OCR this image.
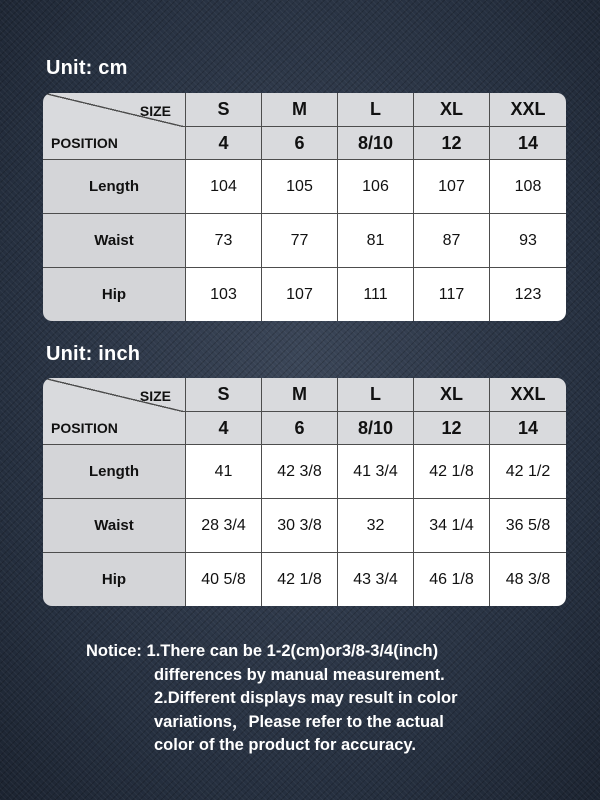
Unit: cm
SIZE	S	M	L	XL	XXL

POSITION	4	6	8/10	12	14
Length	104	105	106	107	108
Waist	73	77	81	87	93
Hip	103	107	111	117	123
Unit: inch
SIZE	S	M	L	XL	XXL

POSITION	4	6	8/10	12	14
Length	41	42 3/8	41 3/4	42 1/8	42 1/2
Waist	28 3/4	30 3/8	32	34 1/4	36 5/8
Hip	40 5/8	42 1/8	43 3/4	46 1/8	48 3/8
Notice: 1.There can be 1-2(cm)or3/8-3/4(inch)
differences by manual measurement.
2.Different displays may result in color
variations，Please refer to the actual
color of the product for accuracy.
